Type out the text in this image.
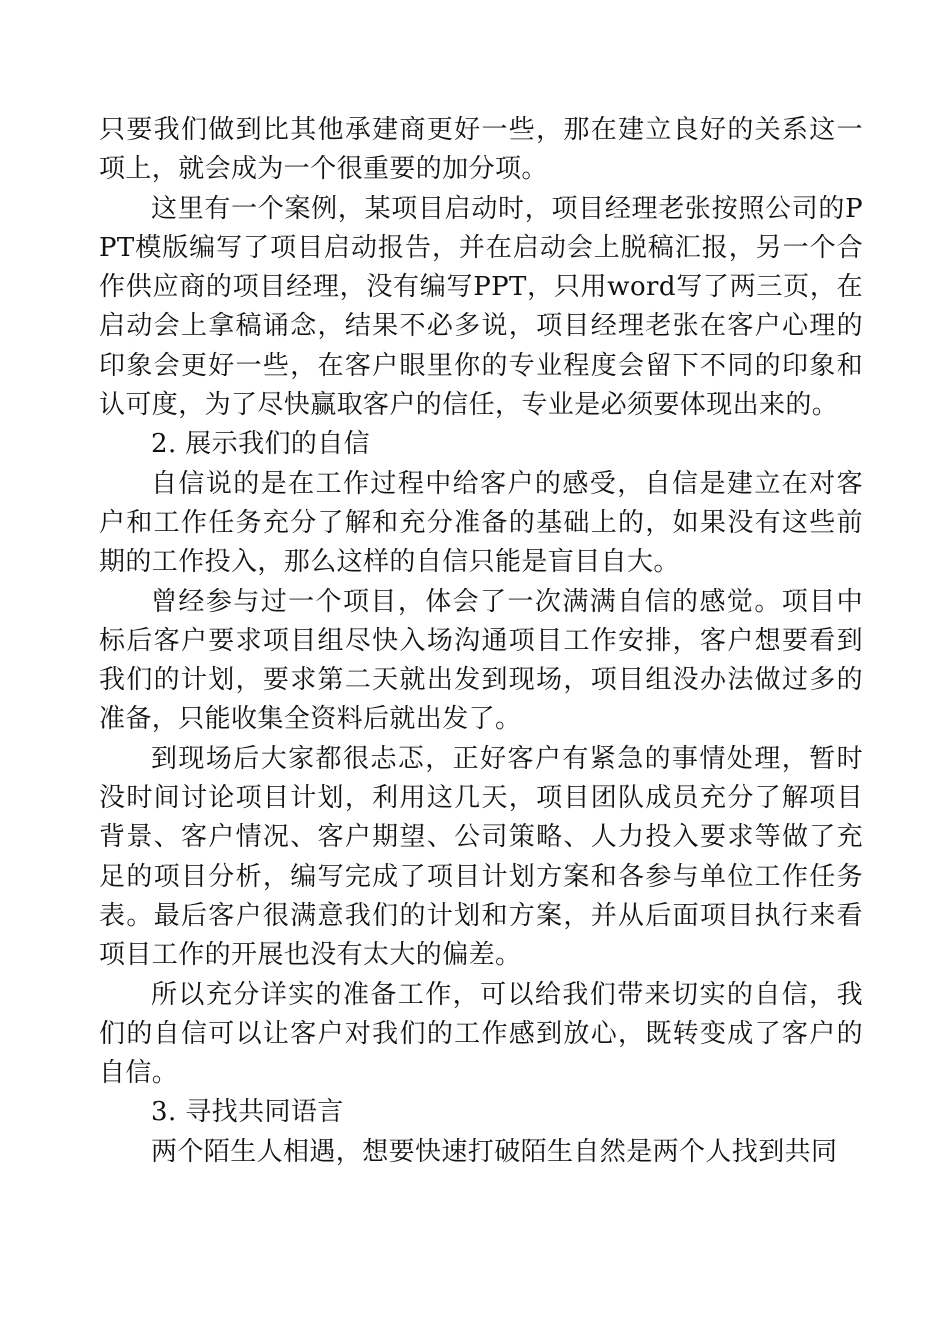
只要我们做到比其他承建商更好一些，那在建立良好的关系这一项上，就会成为一个很重要的加分项。

这里有一个案例，某项目启动时，项目经理老张按照公司的PPT模版编写了项目启动报告，并在启动会上脱稿汇报，另一个合作供应商的项目经理，没有编写PPT，只用word写了两三页，在启动会上拿稿诵念，结果不必多说，项目经理老张在客户心理的印象会更好一些，在客户眼里你的专业程度会留下不同的印象和认可度，为了尽快赢取客户的信任，专业是必须要体现出来的。

2. 展示我们的自信

自信说的是在工作过程中给客户的感受，自信是建立在对客户和工作任务充分了解和充分准备的基础上的，如果没有这些前期的工作投入，那么这样的自信只能是盲目自大。

曾经参与过一个项目，体会了一次满满自信的感觉。项目中标后客户要求项目组尽快入场沟通项目工作安排，客户想要看到我们的计划，要求第二天就出发到现场，项目组没办法做过多的准备，只能收集全资料后就出发了。

到现场后大家都很忐忑，正好客户有紧急的事情处理，暂时没时间讨论项目计划，利用这几天，项目团队成员充分了解项目背景、客户情况、客户期望、公司策略、人力投入要求等做了充足的项目分析，编写完成了项目计划方案和各参与单位工作任务表。最后客户很满意我们的计划和方案，并从后面项目执行来看项目工作的开展也没有太大的偏差。

所以充分详实的准备工作，可以给我们带来切实的自信，我们的自信可以让客户对我们的工作感到放心，既转变成了客户的自信。

3. 寻找共同语言

两个陌生人相遇，想要快速打破陌生自然是两个人找到共同
